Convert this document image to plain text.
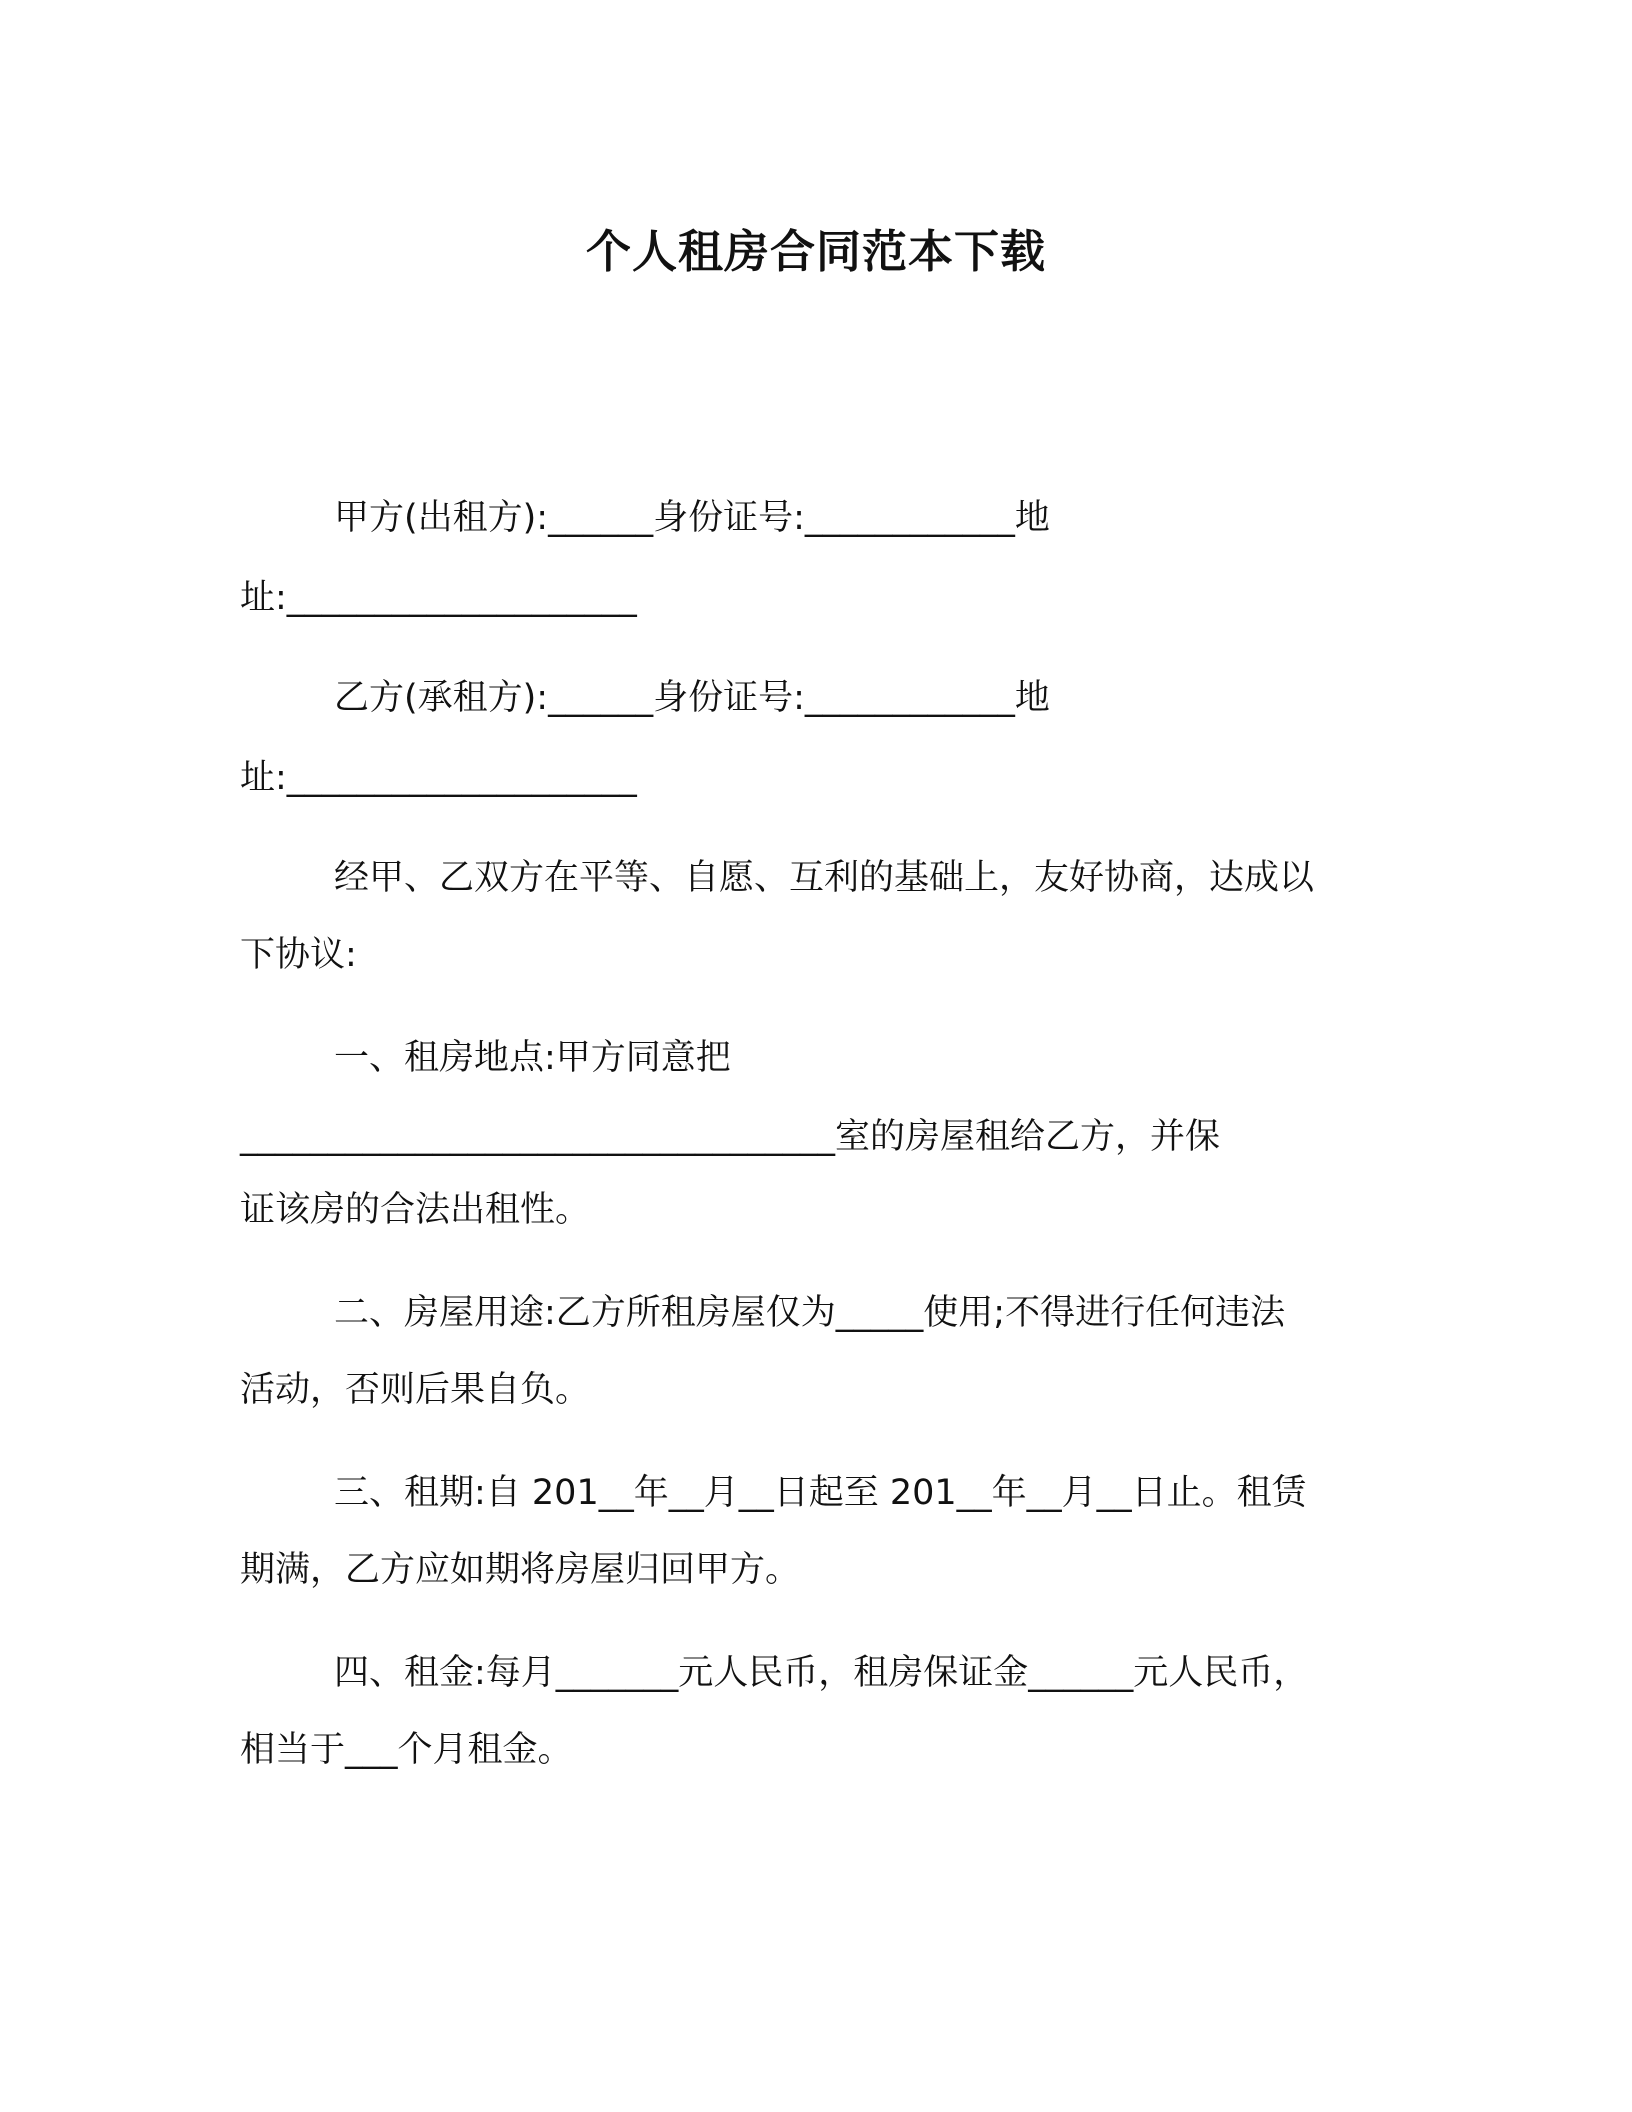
个人租房合同范本下载
甲方(出租方):______身份证号:____________地
址:____________________
乙方(承租方):______身份证号:____________地
址:____________________
经甲、乙双方在平等、自愿、互利的基础上，友好协商，达成以
下协议:
一、租房地点:甲方同意把
__________________________________室的房屋租给乙方，并保
证该房的合法出租性。
二、房屋用途:乙方所租房屋仅为_____使用;不得进行任何违法
活动，否则后果自负。
三、租期:自 201__年__月__日起至 201__年__月__日止。租赁
期满，乙方应如期将房屋归回甲方。
四、租金:每月_______元人民币，租房保证金______元人民币，
相当于___个月租金。
